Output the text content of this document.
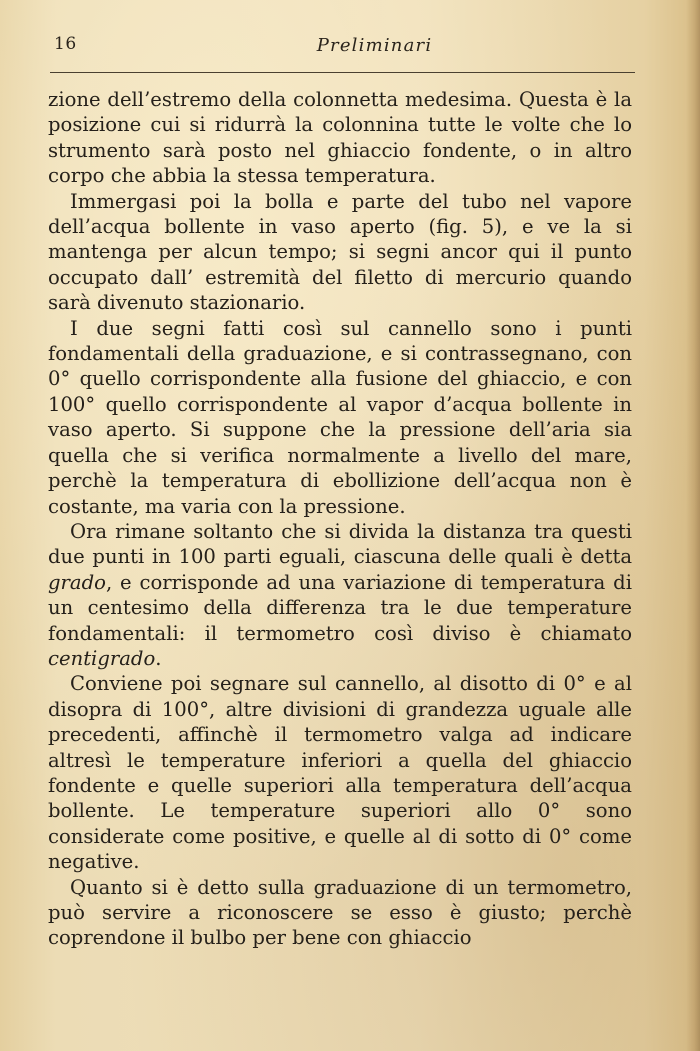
16	Preliminari

zione dell’estremo della colonnetta medesima. Questa è la posizione cui si ridurrà la colonnina tutte le volte che lo strumento sarà posto nel ghiaccio fondente, o in altro corpo che abbia la stessa temperatura.

Immergasi poi la bolla e parte del tubo nel vapore dell’acqua bollente in vaso aperto (fig. 5), e ve la si mantenga per alcun tempo; si segni ancor qui il punto occupato dall’ estremità del filetto di mercurio quando sarà divenuto stazionario.

I due segni fatti così sul cannello sono i punti fondamentali della graduazione, e si contrassegnano, con 0° quello corrispondente alla fusione del ghiaccio, e con 100° quello corrispondente al vapor d’acqua bollente in vaso aperto. Si suppone che la pressione dell’aria sia quella che si verifica normalmente a livello del mare, perchè la temperatura di ebollizione dell’acqua non è costante, ma varia con la pressione.

Ora rimane soltanto che si divida la distanza tra questi due punti in 100 parti eguali, ciascuna delle quali è detta grado, e corrisponde ad una variazione di temperatura di un centesimo della differenza tra le due temperature fondamentali: il termometro così diviso è chiamato centigrado.

Conviene poi segnare sul cannello, al disotto di 0° e al disopra di 100°, altre divisioni di grandezza uguale alle precedenti, affinchè il termometro valga ad indicare altresì le temperature inferiori a quella del ghiaccio fondente e quelle superiori alla temperatura dell’acqua bollente. Le temperature superiori allo 0° sono considerate come positive, e quelle al di sotto di 0° come negative.

Quanto si è detto sulla graduazione di un termometro, può servire a riconoscere se esso è giusto; perchè coprendone il bulbo per bene con ghiaccio
